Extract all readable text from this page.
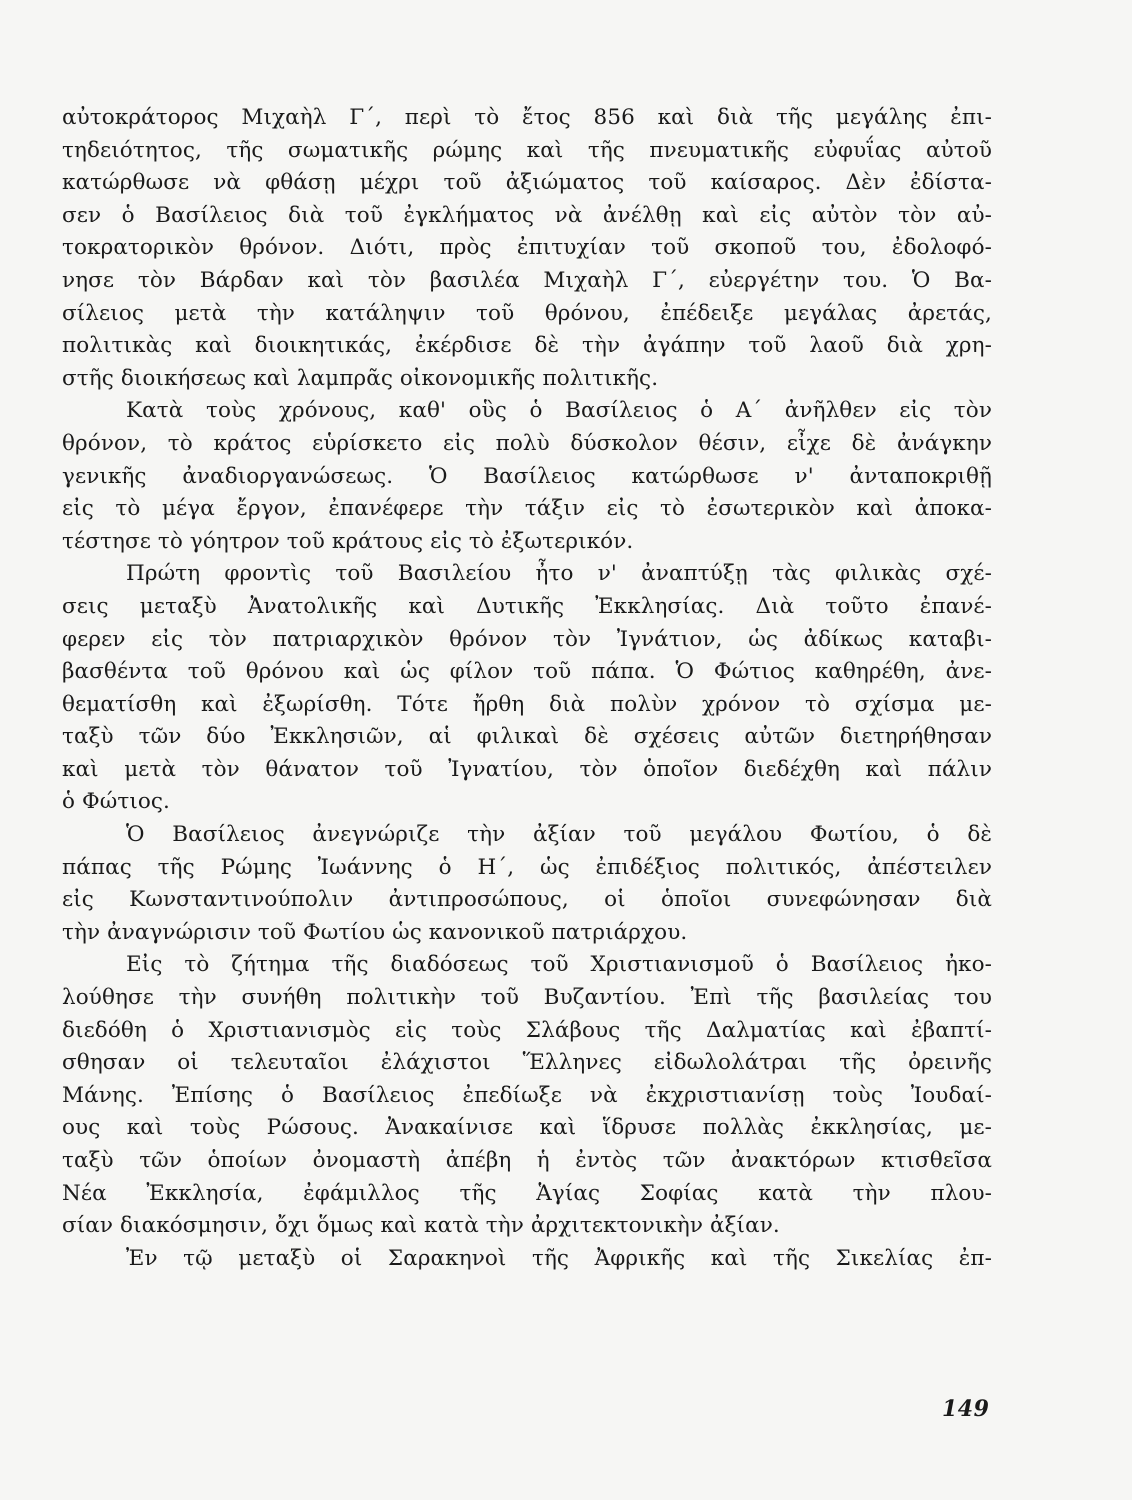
αὐτοκράτορος Μιχαὴλ Γ΄, περὶ τὸ ἔτος 856 καὶ διὰ τῆς μεγάλης ἐπι-
τηδειότητος, τῆς σωματικῆς ρώμης καὶ τῆς πνευματικῆς εὐφυΐας αὐτοῦ
κατώρθωσε νὰ φθάσῃ μέχρι τοῦ ἀξιώματος τοῦ καίσαρος. Δὲν ἐδίστα-
σεν ὁ Βασίλειος διὰ τοῦ ἐγκλήματος νὰ ἀνέλθῃ καὶ εἰς αὐτὸν τὸν αὐ-
τοκρατορικὸν θρόνον. Διότι, πρὸς ἐπιτυχίαν τοῦ σκοποῦ του, ἐδολοφό-
νησε τὸν Βάρδαν καὶ τὸν βασιλέα Μιχαὴλ Γ΄, εὐεργέτην του. Ὁ Βα-
σίλειος μετὰ τὴν κατάληψιν τοῦ θρόνου, ἐπέδειξε μεγάλας ἀρετάς,
πολιτικὰς καὶ διοικητικάς, ἐκέρδισε δὲ τὴν ἀγάπην τοῦ λαοῦ διὰ χρη-
στῆς διοικήσεως καὶ λαμπρᾶς οἰκονομικῆς πολιτικῆς.
Κατὰ τοὺς χρόνους, καθ' οὓς ὁ Βασίλειος ὁ Α΄ ἀνῆλθεν εἰς τὸν
θρόνον, τὸ κράτος εὑρίσκετο εἰς πολὺ δύσκολον θέσιν, εἶχε δὲ ἀνάγκην
γενικῆς ἀναδιοργανώσεως. Ὁ Βασίλειος κατώρθωσε ν' ἀνταποκριθῇ
εἰς τὸ μέγα ἔργον, ἐπανέφερε τὴν τάξιν εἰς τὸ ἐσωτερικὸν καὶ ἀποκα-
τέστησε τὸ γόητρον τοῦ κράτους εἰς τὸ ἐξωτερικόν.
Πρώτη φροντὶς τοῦ Βασιλείου ἦτο ν' ἀναπτύξῃ τὰς φιλικὰς σχέ-
σεις μεταξὺ Ἀνατολικῆς καὶ Δυτικῆς Ἐκκλησίας. Διὰ τοῦτο ἐπανέ-
φερεν εἰς τὸν πατριαρχικὸν θρόνον τὸν Ἰγνάτιον, ὡς ἀδίκως καταβι-
βασθέντα τοῦ θρόνου καὶ ὡς φίλον τοῦ πάπα. Ὁ Φώτιος καθηρέθη, ἀνε-
θεματίσθη καὶ ἐξωρίσθη. Τότε ἤρθη διὰ πολὺν χρόνον τὸ σχίσμα με-
ταξὺ τῶν δύο Ἐκκλησιῶν, αἱ φιλικαὶ δὲ σχέσεις αὐτῶν διετηρήθησαν
καὶ μετὰ τὸν θάνατον τοῦ Ἰγνατίου, τὸν ὁποῖον διεδέχθη καὶ πάλιν
ὁ Φώτιος.
Ὁ Βασίλειος ἀνεγνώριζε τὴν ἀξίαν τοῦ μεγάλου Φωτίου, ὁ δὲ
πάπας τῆς Ρώμης Ἰωάννης ὁ Η΄, ὡς ἐπιδέξιος πολιτικός, ἀπέστειλεν
εἰς Κωνσταντινούπολιν ἀντιπροσώπους, οἱ ὁποῖοι συνεφώνησαν διὰ
τὴν ἀναγνώρισιν τοῦ Φωτίου ὡς κανονικοῦ πατριάρχου.
Εἰς τὸ ζήτημα τῆς διαδόσεως τοῦ Χριστιανισμοῦ ὁ Βασίλειος ἠκο-
λούθησε τὴν συνήθη πολιτικὴν τοῦ Βυζαντίου. Ἐπὶ τῆς βασιλείας του
διεδόθη ὁ Χριστιανισμὸς εἰς τοὺς Σλάβους τῆς Δαλματίας καὶ ἐβαπτί-
σθησαν οἱ τελευταῖοι ἐλάχιστοι Ἕλληνες εἰδωλολάτραι τῆς ὀρεινῆς
Μάνης. Ἐπίσης ὁ Βασίλειος ἐπεδίωξε νὰ ἐκχριστιανίσῃ τοὺς Ἰουδαί-
ους καὶ τοὺς Ρώσους. Ἀνακαίνισε καὶ ἵδρυσε πολλὰς ἐκκλησίας, με-
ταξὺ τῶν ὁποίων ὀνομαστὴ ἀπέβη ἡ ἐντὸς τῶν ἀνακτόρων κτισθεῖσα
Νέα Ἐκκλησία, ἐφάμιλλος τῆς Ἁγίας Σοφίας κατὰ τὴν πλου-
σίαν διακόσμησιν, ὄχι ὅμως καὶ κατὰ τὴν ἀρχιτεκτονικὴν ἀξίαν.
Ἐν τῷ μεταξὺ οἱ Σαρακηνοὶ τῆς Ἀφρικῆς καὶ τῆς Σικελίας ἐπ-
149
